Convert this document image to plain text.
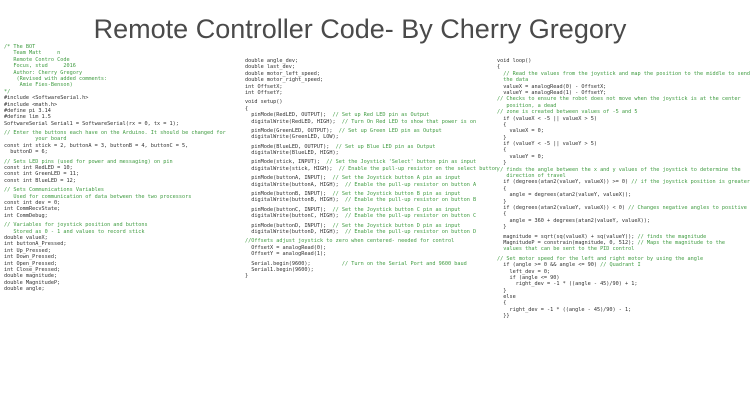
Remote Controller Code- By Cherry Gregory
/* The BOT
Team Matt     n
Remote Contro Code
Focus, stud     2016
Author: Cherry Gregory
(Revised with added comments:
Amie Fies-Benson)
*/
#include <SoftwareSerial.h>
#include <math.h>
#define pi 3.14
#define lim 1.5
SoftwareSerial Serial1 = SoftwareSerial(rx = 0, tx = 1);
// Enter the buttons each have on the Arduino. It should be changed for
your board
const int stick = 2, buttonA = 3, buttonB = 4, buttonC = 5,
buttonD = 6;
// Sets LED pins (used for power and messaging) on pin
const int RedLED = 10;
const int GreenLED = 11;
const int BlueLED = 12;
// Sets Communications Variables
Used for communication of data between the two processors
const int dev = 0;
int CommRecvState;
int CommDebug;
// Variables for joystick position and buttons
Stored as 0 - 1 and values to record stick
double valueX;
int buttonA_Pressed;
int Up_Pressed;
int Down_Pressed;
int Open_Pressed;
int Close_Pressed;
double magnitude;
double MagnitudeP;
double angle;
double angle_dev;
double last_dev;
double motor_left_speed;
double motor_right_speed;
int OffsetX;
int OffsetY;
void setup()
{
pinMode(RedLED, OUTPUT);  // Set up Red LED pin as Output
digitalWrite(RedLED, HIGH);  // Turn On Red LED to show that power is on
pinMode(GreenLED, OUTPUT);  // Set up Green LED pin as Output
digitalWrite(GreenLED, LOW);
pinMode(BlueLED, OUTPUT);  // Set up Blue LED pin as Output
digitalWrite(BlueLED, HIGH);
pinMode(stick, INPUT);  // Set the Joystick 'Select' button pin as input
digitalWrite(stick, HIGH);  // Enable the pull-up resistor on the select button
pinMode(buttonA, INPUT);  // Set the Joystick button A pin as input
digitalWrite(buttonA, HIGH);  // Enable the pull-up resistor on button A
pinMode(buttonB, INPUT);  // Set the Joystick button B pin as input
digitalWrite(buttonB, HIGH);  // Enable the pull-up resistor on button B
pinMode(buttonC, INPUT);  // Set the Joystick button C pin as input
digitalWrite(buttonC, HIGH);  // Enable the pull-up resistor on button C
pinMode(buttonD, INPUT);  // Set the Joystick button D pin as input
digitalWrite(buttonD, HIGH);  // Enable the pull-up resistor on button D
//Offsets adjust joystick to zero when centered- needed for control
OffsetX = analogRead(0);
OffsetY = analogRead(1);
Serial.begin(9600);          // Turn on the Serial Port and 9600 baud
Serial1.begin(9600);
}
void loop()
{
// Read the values from the joystick and map the position to the middle to send
the data
valueX = analogRead(0) - OffsetX;
valueY = analogRead(1) - OffsetY;
// Checks to ensure the robot does not move when the joystick is at the center
position, a dead
// zone is created between values of -5 and 5
if (valueX < -5 || valueX > 5)
{
valueX = 0;
}
if (valueY < -5 || valueY > 5)
{
valueY = 0;
}
// finds the angle between the x and y values of the joystick to determine the
direction of travel
if (degrees(atan2(valueY, valueX)) >= 0) // if the joystick position is greater
{
angle = degrees(atan2(valueY, valueX));
}
if (degrees(atan2(valueY, valueX)) < 0) // Changes negative angles to positive
{
angle = 360 + degrees(atan2(valueY, valueX));
}
magnitude = sqrt(sq(valueX) + sq(valueY)); // finds the magnitude
MagnitudeP = constrain(magnitude, 0, 512); // Maps the magnitude to the
values that can be sent to the PID control
// Set motor speed for the left and right motor by using the angle
if (angle >= 0 && angle <= 90) // Quadrant I
left_dev = 0;
if (angle <= 90)
right_dev = -1 * ((angle - 45)/90) + 1;
}
else
{
right_dev = -1 * ((angle - 45)/90) - 1;
}}
